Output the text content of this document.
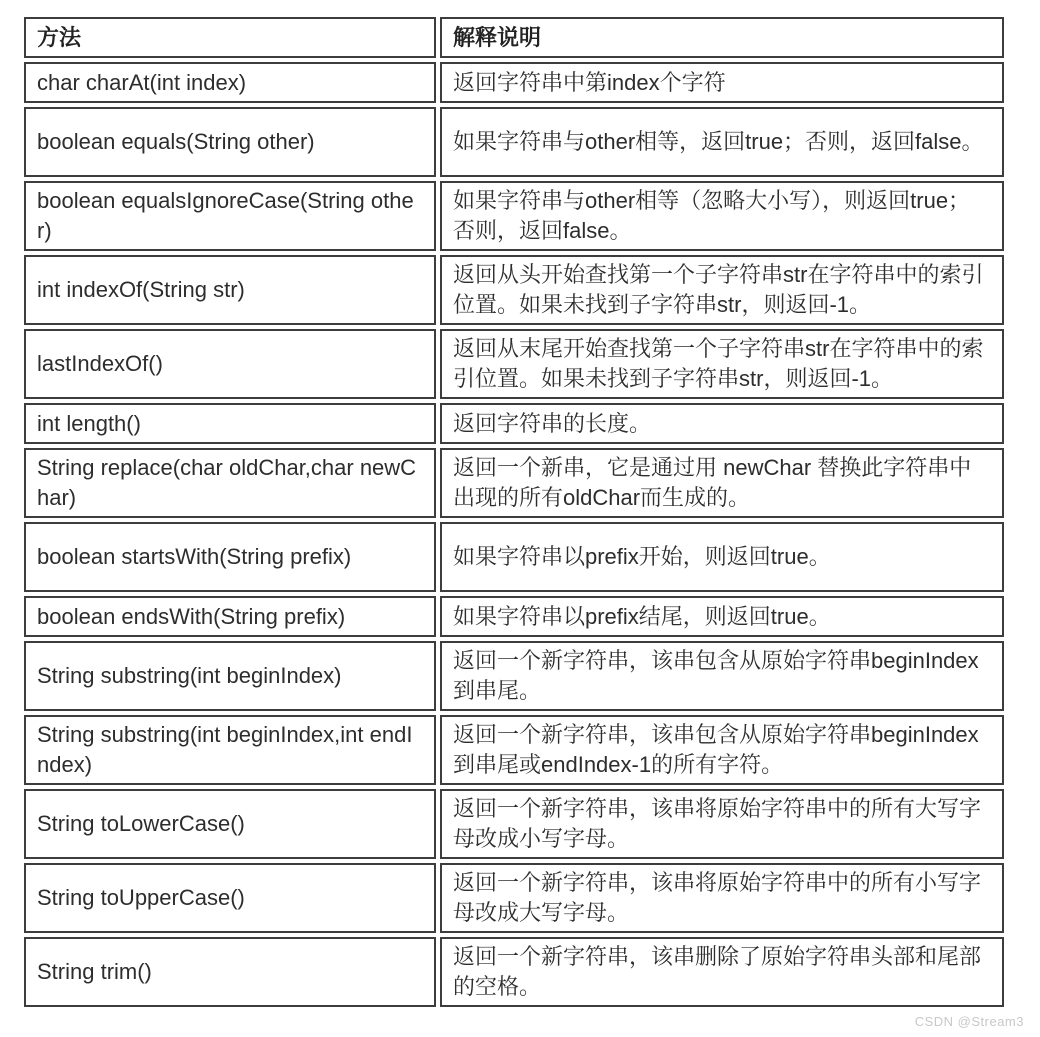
方法	解释说明
char charAt(int index)	返回字符串中第index个字符
boolean equals(String other)	如果字符串与other相等，返回true；否则，返回false。
boolean equalsIgnoreCase(String other)	如果字符串与other相等（忽略大小写），则返回true；否则，返回false。
int indexOf(String str)	返回从头开始查找第一个子字符串str在字符串中的索引位置。如果未找到子字符串str，则返回-1。
lastIndexOf()	返回从末尾开始查找第一个子字符串str在字符串中的索引位置。如果未找到子字符串str，则返回-1。
int length()	返回字符串的长度。
String replace(char oldChar,char newChar)	返回一个新串，它是通过用 newChar 替换此字符串中出现的所有oldChar而生成的。
boolean startsWith(String prefix)	如果字符串以prefix开始，则返回true。
boolean endsWith(String prefix)	如果字符串以prefix结尾，则返回true。
String substring(int beginIndex)	返回一个新字符串，该串包含从原始字符串beginIndex到串尾。
String substring(int beginIndex,int endIndex)	返回一个新字符串，该串包含从原始字符串beginIndex到串尾或endIndex-1的所有字符。
String toLowerCase()	返回一个新字符串，该串将原始字符串中的所有大写字母改成小写字母。
String toUpperCase()	返回一个新字符串，该串将原始字符串中的所有小写字母改成大写字母。
String trim()	返回一个新字符串，该串删除了原始字符串头部和尾部的空格。
CSDN @Stream3
